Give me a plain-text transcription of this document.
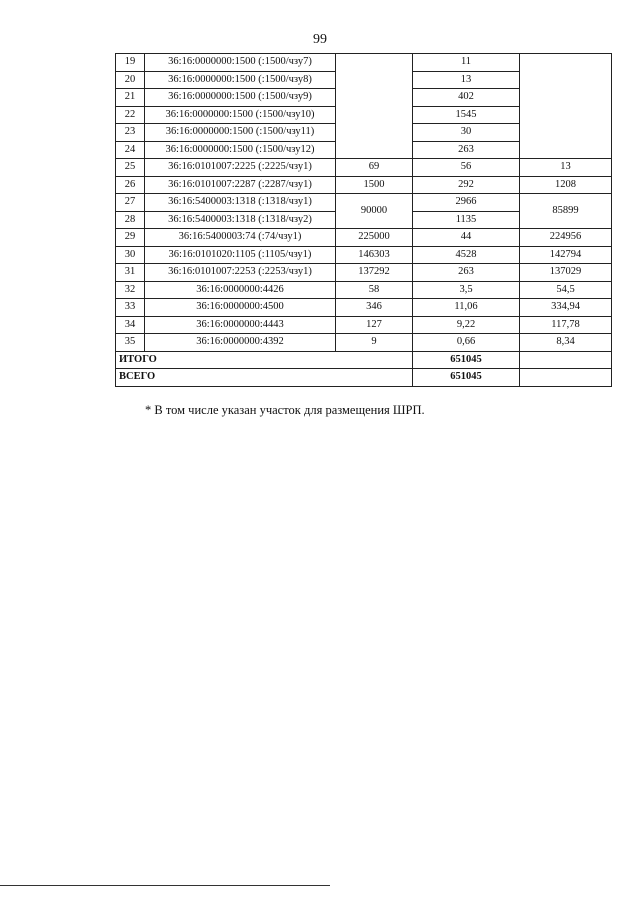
99
19	36:16:0000000:1500 (:1500/чзу7)		11	
20	36:16:0000000:1500 (:1500/чзу8)		13	
21	36:16:0000000:1500 (:1500/чзу9)		402	
22	36:16:0000000:1500 (:1500/чзу10)		1545	
23	36:16:0000000:1500 (:1500/чзу11)		30	
24	36:16:0000000:1500 (:1500/чзу12)		263	
25	36:16:0101007:2225 (:2225/чзу1)	69	56	13
26	36:16:0101007:2287 (:2287/чзу1)	1500	292	1208
27	36:16:5400003:1318 (:1318/чзу1)	90000	2966	85899
28	36:16:5400003:1318 (:1318/чзу2)		1135	
29	36:16:5400003:74 (:74/чзу1)	225000	44	224956
30	36:16:0101020:1105 (:1105/чзу1)	146303	4528	142794
31	36:16:0101007:2253 (:2253/чзу1)	137292	263	137029
32	36:16:0000000:4426	58	3,5	54,5
33	36:16:0000000:4500	346	11,06	334,94
34	36:16:0000000:4443	127	9,22	117,78
35	36:16:0000000:4392	9	0,66	8,34
ИТОГО			651045	
ВСЕГО			651045	
* В том числе указан участок для размещения ШРП.
